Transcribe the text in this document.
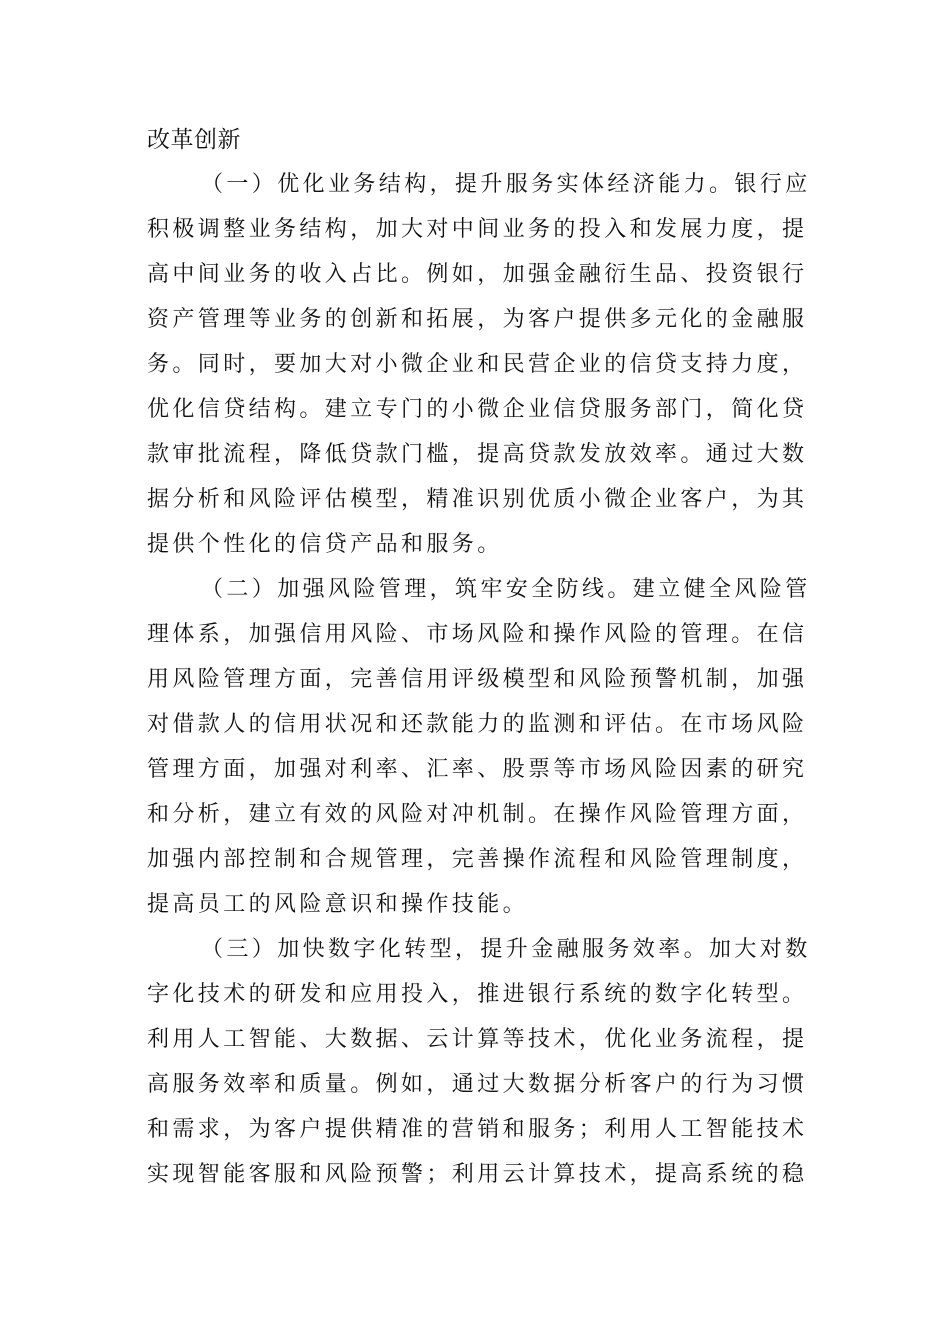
改革创新
（一）优化业务结构，提升服务实体经济能力。银行应
积极调整业务结构，加大对中间业务的投入和发展力度，提
高中间业务的收入占比。例如，加强金融衍生品、投资银行
资产管理等业务的创新和拓展，为客户提供多元化的金融服
务。同时，要加大对小微企业和民营企业的信贷支持力度，
优化信贷结构。建立专门的小微企业信贷服务部门，简化贷
款审批流程，降低贷款门槛，提高贷款发放效率。通过大数
据分析和风险评估模型，精准识别优质小微企业客户，为其
提供个性化的信贷产品和服务。
（二）加强风险管理，筑牢安全防线。建立健全风险管
理体系，加强信用风险、市场风险和操作风险的管理。在信
用风险管理方面，完善信用评级模型和风险预警机制，加强
对借款人的信用状况和还款能力的监测和评估。在市场风险
管理方面，加强对利率、汇率、股票等市场风险因素的研究
和分析，建立有效的风险对冲机制。在操作风险管理方面，
加强内部控制和合规管理，完善操作流程和风险管理制度，
提高员工的风险意识和操作技能。
（三）加快数字化转型，提升金融服务效率。加大对数
字化技术的研发和应用投入，推进银行系统的数字化转型。
利用人工智能、大数据、云计算等技术，优化业务流程，提
高服务效率和质量。例如，通过大数据分析客户的行为习惯
和需求，为客户提供精准的营销和服务；利用人工智能技术
实现智能客服和风险预警；利用云计算技术，提高系统的稳
